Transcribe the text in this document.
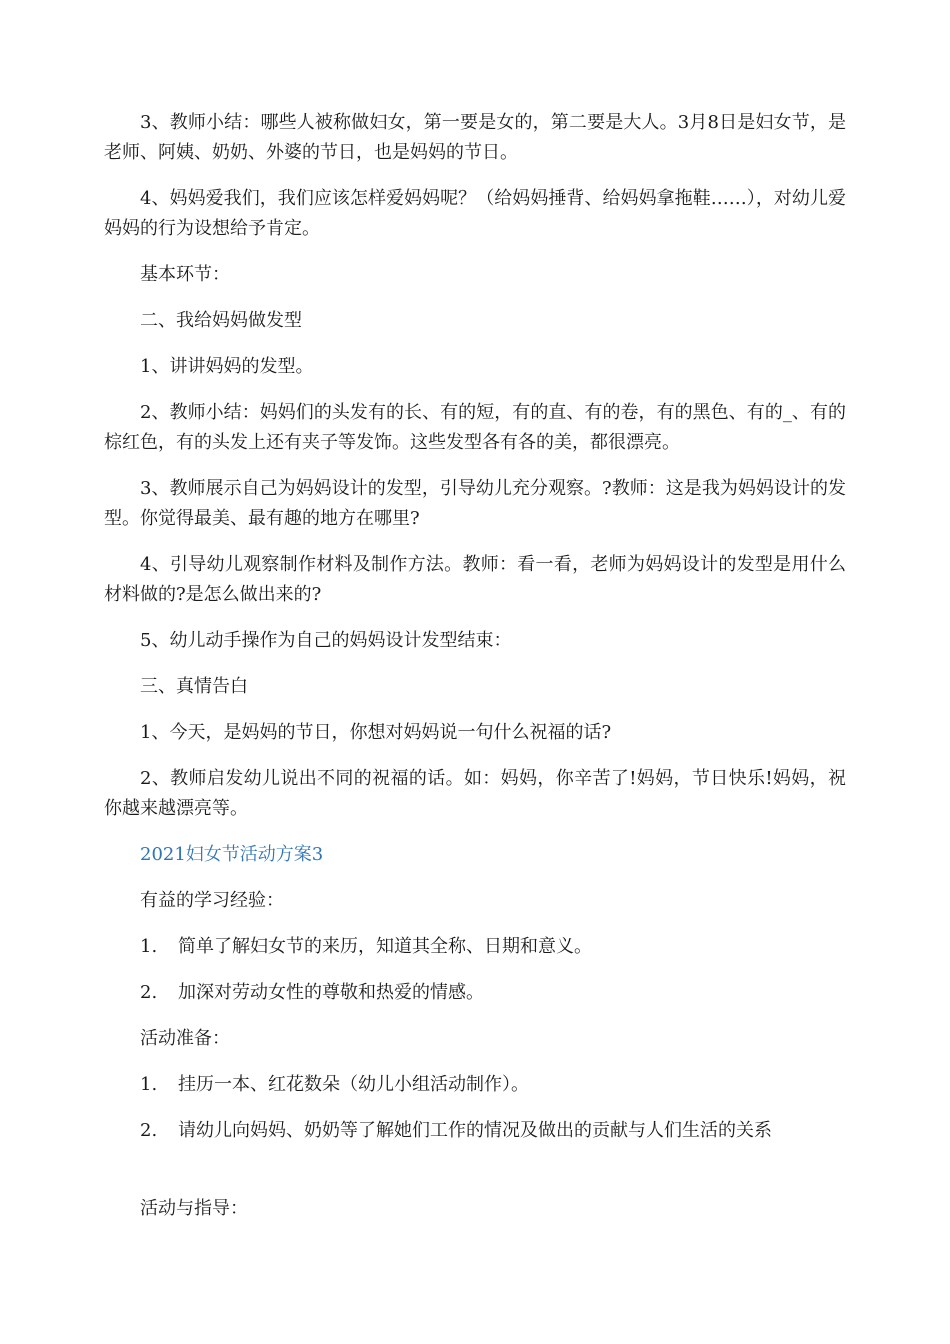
3、教师小结：哪些人被称做妇女，第一要是女的，第二要是大人。3月8日是妇女节，是老师、阿姨、奶奶、外婆的节日，也是妈妈的节日。

4、妈妈爱我们，我们应该怎样爱妈妈呢？（给妈妈捶背、给妈妈拿拖鞋……），对幼儿爱妈妈的行为设想给予肯定。

基本环节：

二、我给妈妈做发型

1、讲讲妈妈的发型。

2、教师小结：妈妈们的头发有的长、有的短，有的直、有的卷，有的黑色、有的_、有的棕红色，有的头发上还有夹子等发饰。这些发型各有各的美，都很漂亮。

3、教师展示自己为妈妈设计的发型，引导幼儿充分观察。?教师：这是我为妈妈设计的发型。你觉得最美、最有趣的地方在哪里?

4、引导幼儿观察制作材料及制作方法。教师：看一看，老师为妈妈设计的发型是用什么材料做的?是怎么做出来的?

5、幼儿动手操作为自己的妈妈设计发型结束：

三、真情告白

1、今天，是妈妈的节日，你想对妈妈说一句什么祝福的话?

2、教师启发幼儿说出不同的祝福的话。如：妈妈，你辛苦了!妈妈，节日快乐!妈妈，祝你越来越漂亮等。

2021妇女节活动方案3

有益的学习经验：

1. 简单了解妇女节的来历，知道其全称、日期和意义。

2. 加深对劳动女性的尊敬和热爱的情感。

活动准备：

1. 挂历一本、红花数朵（幼儿小组活动制作）。

2. 请幼儿向妈妈、奶奶等了解她们工作的情况及做出的贡献与人们生活的关系

活动与指导：
